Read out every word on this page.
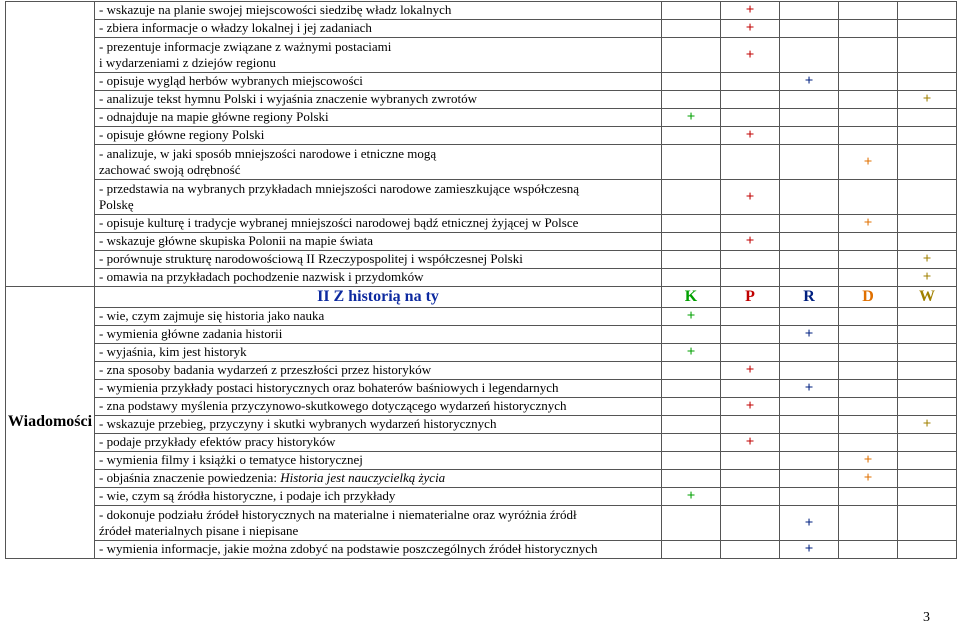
	- wskazuje na planie swojej miejscowości siedzibę władz lokalnych		+			
	- zbiera informacje o władzy lokalnej i jej zadaniach		+			
	- prezentuje informacje związane z ważnymi postaciami
i wydarzeniami z dziejów regionu		+			
	- opisuje wygląd herbów wybranych miejscowości			+		
	- analizuje tekst hymnu Polski i wyjaśnia znaczenie wybranych zwrotów					+
	- odnajduje na mapie główne regiony Polski	+				
	- opisuje główne regiony Polski		+			
	- analizuje, w jaki sposób mniejszości narodowe i etniczne mogą
zachować swoją odrębność				+	
	- przedstawia na wybranych przykładach mniejszości narodowe zamieszkujące współczesną
Polskę		+			
	- opisuje kulturę i tradycje wybranej mniejszości narodowej bądź etnicznej żyjącej w Polsce				+	
	- wskazuje główne skupiska Polonii na mapie świata		+			
	- porównuje strukturę narodowościową II Rzeczypospolitej i współczesnej Polski					+
	- omawia na przykładach pochodzenie nazwisk i przydomków					+
Wiadomości	II Z historią na ty	K	P	R	D	W
	- wie, czym zajmuje się historia jako nauka	+				
	- wymienia główne zadania historii			+		
	- wyjaśnia, kim jest historyk	+				
	- zna sposoby badania wydarzeń z przeszłości przez historyków		+			
	- wymienia przykłady postaci historycznych oraz bohaterów baśniowych i legendarnych			+		
	- zna podstawy myślenia przyczynowo-skutkowego dotyczącego wydarzeń historycznych		+			
	- wskazuje przebieg, przyczyny i skutki wybranych wydarzeń historycznych					+
	- podaje przykłady efektów pracy historyków		+			
	- wymienia filmy i książki o tematyce historycznej				+	
	- objaśnia znaczenie powiedzenia: Historia jest nauczycielką życia				+	
	- wie, czym są źródła historyczne, i podaje ich przykłady	+				
	- dokonuje podziału źródeł historycznych na materialne i niematerialne oraz wyróżnia źródł
źródeł materialnych pisane i niepisane			+		
	- wymienia informacje, jakie można zdobyć na podstawie poszczególnych źródeł historycznych			+		
3
